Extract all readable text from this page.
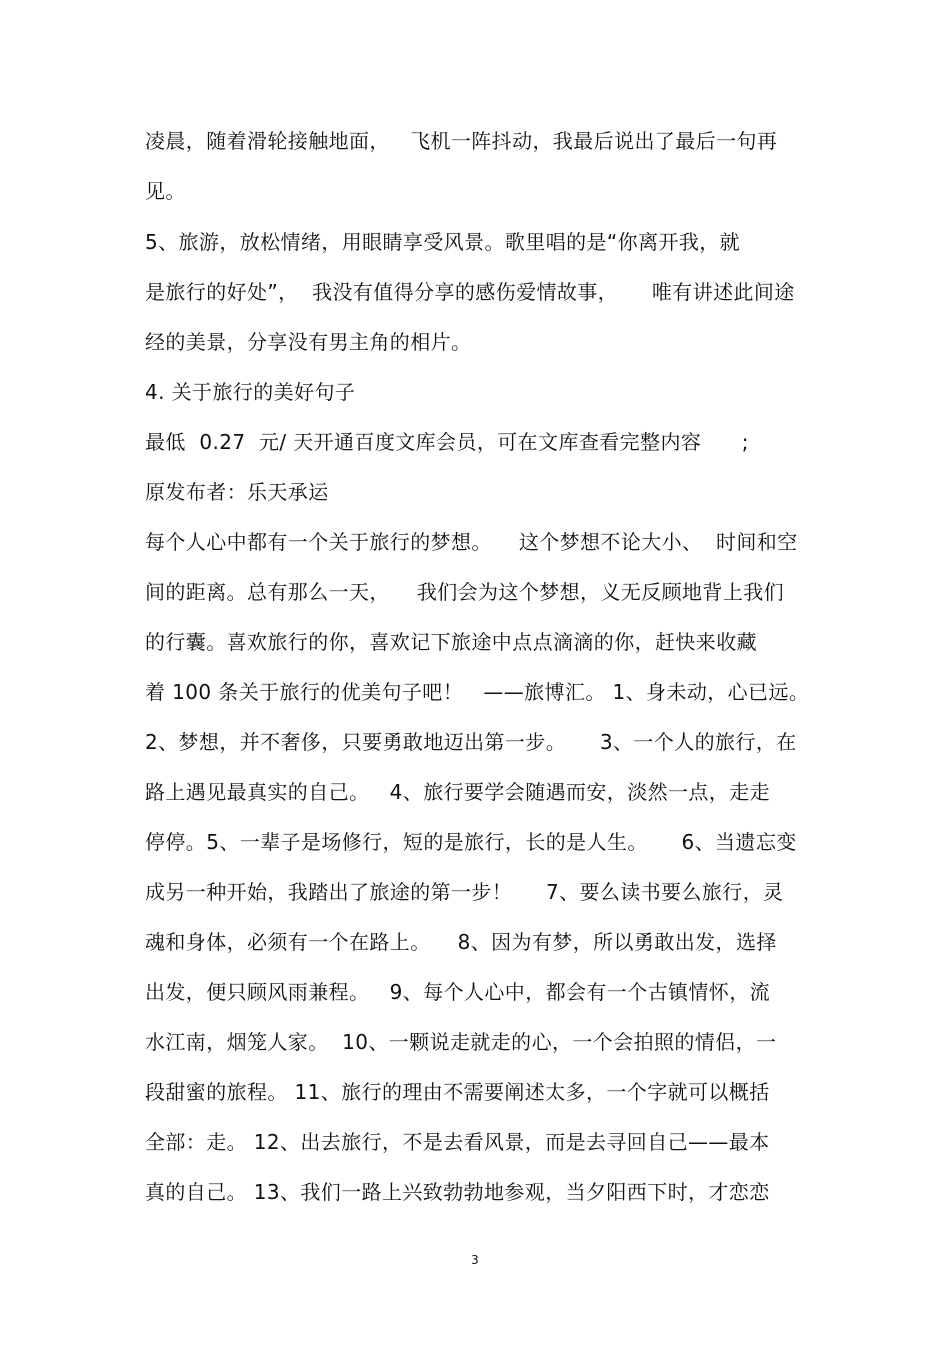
凌晨，随着滑轮接触地面，   飞机一阵抖动，我最后说出了最后一句再
见。
5、旅游，放松情绪，用眼睛享受风景。歌里唱的是“你离开我，就
是旅行的好处”，  我没有值得分享的感伤爱情故事，     唯有讲述此间途
经的美景，分享没有男主角的相片。
4. 关于旅行的美好句子
最低  0.27  元/ 天开通百度文库会员，可在文库查看完整内容      ;
原发布者：乐天承运
每个人心中都有一个关于旅行的梦想。    这个梦想不论大小、  时间和空
间的距离。总有那么一天，    我们会为这个梦想，义无反顾地背上我们
的行囊。喜欢旅行的你，喜欢记下旅途中点点滴滴的你，赶快来收藏
着 100 条关于旅行的优美句子吧！   ——旅博汇。 1、身未动，心已远。
2、梦想，并不奢侈，只要勇敢地迈出第一步。     3、一个人的旅行，在
路上遇见最真实的自己。   4、旅行要学会随遇而安，淡然一点，走走
停停。5、一辈子是场修行，短的是旅行，长的是人生。     6、当遗忘变
成另一种开始，我踏出了旅途的第一步！     7、要么读书要么旅行，灵
魂和身体，必须有一个在路上。    8、因为有梦，所以勇敢出发，选择
出发，便只顾风雨兼程。   9、每个人心中，都会有一个古镇情怀，流
水江南，烟笼人家。  10、一颗说走就走的心，一个会拍照的情侣，一
段甜蜜的旅程。 11、旅行的理由不需要阐述太多，一个字就可以概括
全部：走。 12、出去旅行，不是去看风景，而是去寻回自己——最本
真的自己。 13、我们一路上兴致勃勃地参观，当夕阳西下时，才恋恋
3
